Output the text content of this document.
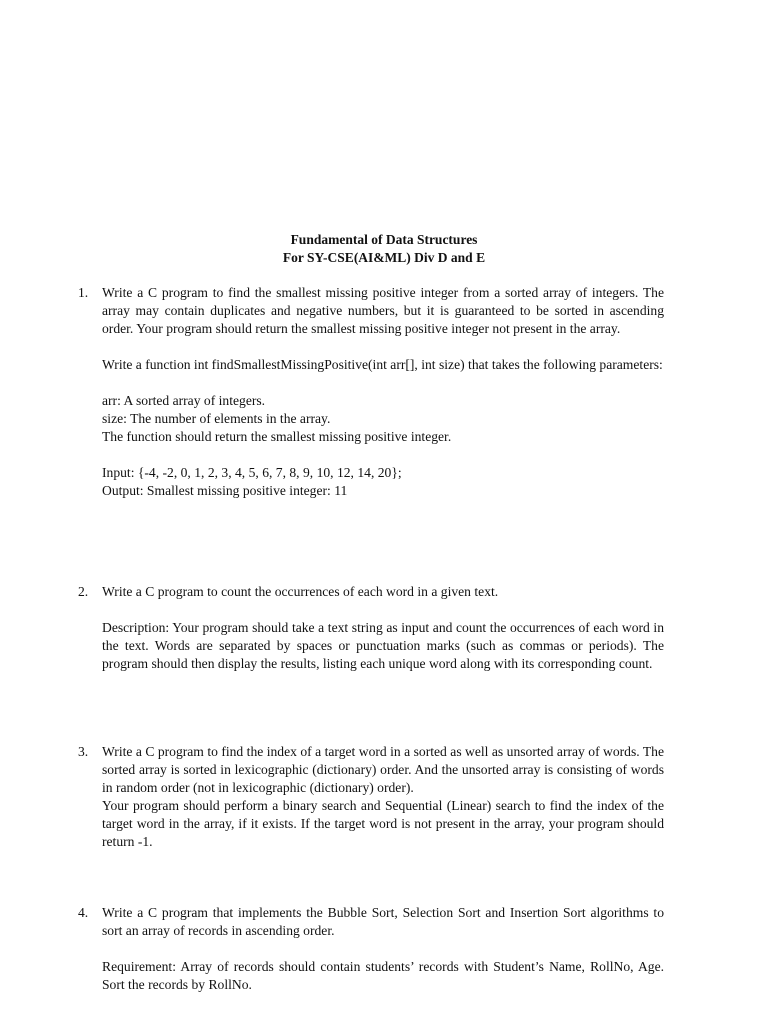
Fundamental of Data Structures
For SY-CSE(AI&ML) Div D and E
1. Write a C program to find the smallest missing positive integer from a sorted array of integers. The array may contain duplicates and negative numbers, but it is guaranteed to be sorted in ascending order. Your program should return the smallest missing positive integer not present in the array.

Write a function int findSmallestMissingPositive(int arr[], int size) that takes the following parameters:

arr: A sorted array of integers.

size: The number of elements in the array.

The function should return the smallest missing positive integer.

Input: {-4, -2, 0, 1, 2, 3, 4, 5, 6, 7, 8, 9, 10, 12, 14, 20};

Output: Smallest missing positive integer: 11

2. Write a C program to count the occurrences of each word in a given text.

Description: Your program should take a text string as input and count the occurrences of each word in the text. Words are separated by spaces or punctuation marks (such as commas or periods). The program should then display the results, listing each unique word along with its corresponding count.

3. Write a C program to find the index of a target word in a sorted as well as unsorted array of words. The sorted array is sorted in lexicographic (dictionary) order. And the unsorted array is consisting of words in random order (not in lexicographic (dictionary) order).

Your program should perform a binary search and Sequential (Linear) search to find the index of the target word in the array, if it exists. If the target word is not present in the array, your program should return -1.

4. Write a C program that implements the Bubble Sort, Selection Sort and Insertion Sort algorithms to sort an array of records in ascending order.

Requirement: Array of records should contain students’ records with Student’s Name, RollNo, Age. Sort the records by RollNo.
